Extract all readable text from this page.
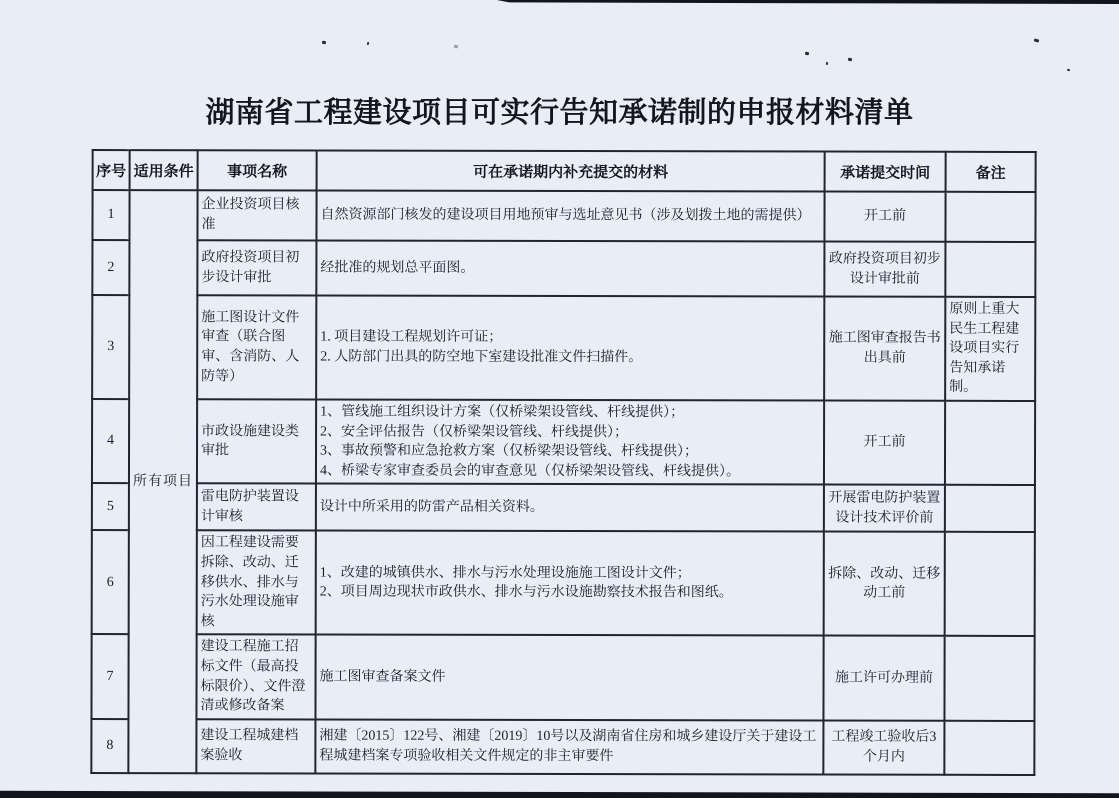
湖南省工程建设项目可实行告知承诺制的申报材料清单
序号	适用条件	事项名称	可在承诺期内补充提交的材料	承诺提交时间	备注
1	所有项目	企业投资项目核准	自然资源部门核发的建设项目用地预审与选址意见书（涉及划拨土地的需提供）	开工前	
2		政府投资项目初步设计审批	经批准的规划总平面图。	政府投资项目初步设计审批前	
3		施工图设计文件审查（联合图审、含消防、人防等）	1. 项目建设工程规划许可证；
2. 人防部门出具的防空地下室建设批准文件扫描件。	施工图审查报告书出具前	原则上重大民生工程建设项目实行告知承诺制。
4		市政设施建设类审批	1、管线施工组织设计方案（仅桥梁架设管线、杆线提供）；
2、安全评估报告（仅桥梁架设管线、杆线提供）；
3、事故预警和应急抢救方案（仅桥梁架设管线、杆线提供）；
4、桥梁专家审查委员会的审查意见（仅桥梁架设管线、杆线提供）。	开工前	
5		雷电防护装置设计审核	设计中所采用的防雷产品相关资料。	开展雷电防护装置设计技术评价前	
6		因工程建设需要拆除、改动、迁移供水、排水与污水处理设施审核	1、改建的城镇供水、排水与污水处理设施施工图设计文件；
2、项目周边现状市政供水、排水与污水设施勘察技术报告和图纸。	拆除、改动、迁移动工前	
7		建设工程施工招标文件（最高投标限价）、文件澄清或修改备案	施工图审查备案文件	施工许可办理前	
8		建设工程城建档案验收	湘建〔2015〕122号、湘建〔2019〕10号以及湖南省住房和城乡建设厅关于建设工程城建档案专项验收相关文件规定的非主审要件	工程竣工验收后3个月内	
